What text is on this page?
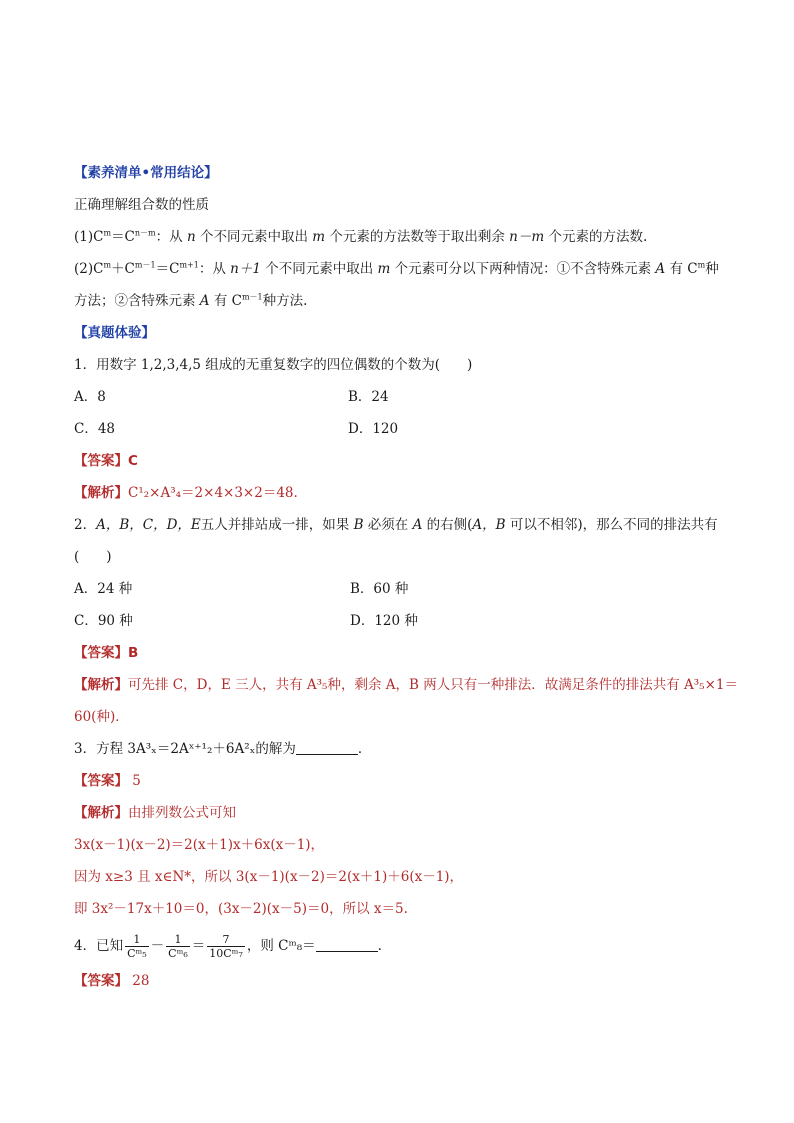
【素养清单•常用结论】
正确理解组合数的性质
$(1)C^m=C^{n-m}$：从 n 个不同元素中取出 m 个元素的方法数等于取出剩余 n－m 个元素的方法数.
$(2)C^m+C^{m-1}=C^{m+1}$：从 n＋1 个不同元素中取出 m 个元素可分以下两种情况：①不含特殊元素 A 有 $C^m$种
方法；②含特殊元素 A 有 $C^{m-1}$种方法.
【真题体验】
1．用数字 1,2,3,4,5 组成的无重复数字的四位偶数的个数为(　　)
A．8	B．24
C．48	D．120
【答案】C
【解析】C¹₂×A³₄＝2×4×3×2＝48.
2．A，B，C，D，E五人并排站成一排，如果 B 必须在 A 的右侧(A，B 可以不相邻)，那么不同的排法共有
(　　)
A．24 种	B．60 种
C．90 种	D．120 种
【答案】B
【解析】可先排 C，D，E 三人，共有 A³₅种，剩余 A，B 两人只有一种排法．故满足条件的排法共有 A³₅×1＝
60(种)．
3．方程 3A³ₓ＝2Aˣ⁺¹₂＋6A²ₓ的解为	．
【答案】 5
【解析】由排列数公式可知
3x(x－1)(x－2)＝2(x＋1)x＋6x(x－1)，
因为 x≥3 且 x∈N*，所以 3(x－1)(x－2)＝2(x＋1)＋6(x－1)，
即 3x²－17x＋10＝0，(3x－2)(x－5)＝0，所以 x＝5.
4．已知 $\frac{1}{\text{Cᵐ₅}} - \frac{1}{\text{Cᵐ₆}} = \frac{7}{\text{10Cᵐ₇}}$ ，则 Cᵐ₈＝	.
【答案】 28
